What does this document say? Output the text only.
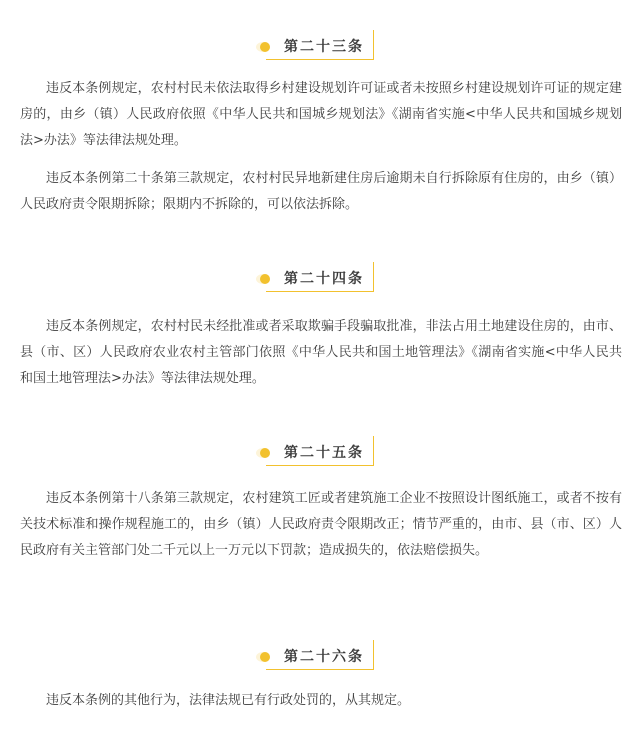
第二十三条

违反本条例规定，农村村民未依法取得乡村建设规划许可证或者未按照乡村建设规划许可证的规定建房的，由乡（镇）人民政府依照《中华人民共和国城乡规划法》《湖南省实施<中华人民共和国城乡规划法>办法》等法律法规处理。

违反本条例第二十条第三款规定，农村村民异地新建住房后逾期未自行拆除原有住房的，由乡（镇）人民政府责令限期拆除；限期内不拆除的，可以依法拆除。

第二十四条

违反本条例规定，农村村民未经批准或者采取欺骗手段骗取批准，非法占用土地建设住房的，由市、县（市、区）人民政府农业农村主管部门依照《中华人民共和国土地管理法》《湖南省实施<中华人民共和国土地管理法>办法》等法律法规处理。

第二十五条

违反本条例第十八条第三款规定，农村建筑工匠或者建筑施工企业不按照设计图纸施工，或者不按有关技术标准和操作规程施工的，由乡（镇）人民政府责令限期改正；情节严重的，由市、县（市、区）人民政府有关主管部门处二千元以上一万元以下罚款；造成损失的，依法赔偿损失。

第二十六条

违反本条例的其他行为，法律法规已有行政处罚的，从其规定。
